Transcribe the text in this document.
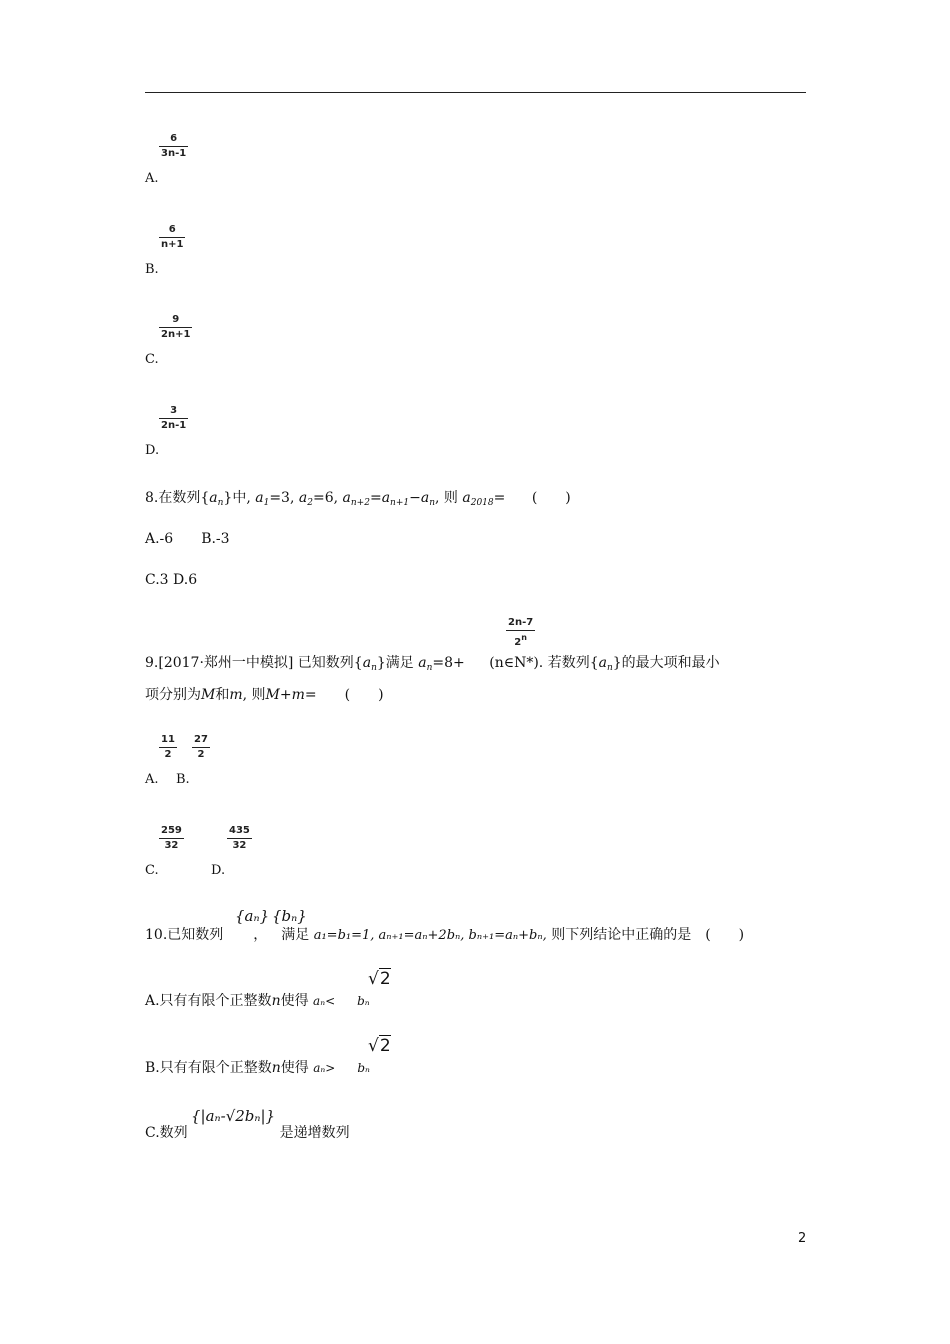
6
3n-1
A.
6
n+1
B.
9
2n+1
C.
3
2n-1
D.
8.在数列$\{a_n\}$中, $a_1=3$, $a_2=6$, $a_{n+2}=a_{n+1}-a_n$, 则 $a_{2018}=$ (　　)
A.-6　　B.-3
C.3 D.6
2n-7
2$^n$
9.[2017·郑州一中模拟] 已知数列$\{a_n\}$满足 $a_n=8+$ (n∈N*). 若数列$\{a_n\}$的最大项和最小
项分别为M和m, 则M+m=　　(　　)
11
2
27
2
A. B.
259
32
435
32
C.	D.
{aₙ} {bₙ}
10.已知数列 ， 满足 a₁=b₁=1, aₙ₊₁=aₙ+2bₙ, bₙ₊₁=aₙ+bₙ, 则下列结论中正确的是　(　　)
√2
A.只有有限个正整数n使得 aₙ< bₙ
√2
B.只有有限个正整数n使得 aₙ> bₙ
{|aₙ-√2bₙ|}
C.数列	是递增数列
2
